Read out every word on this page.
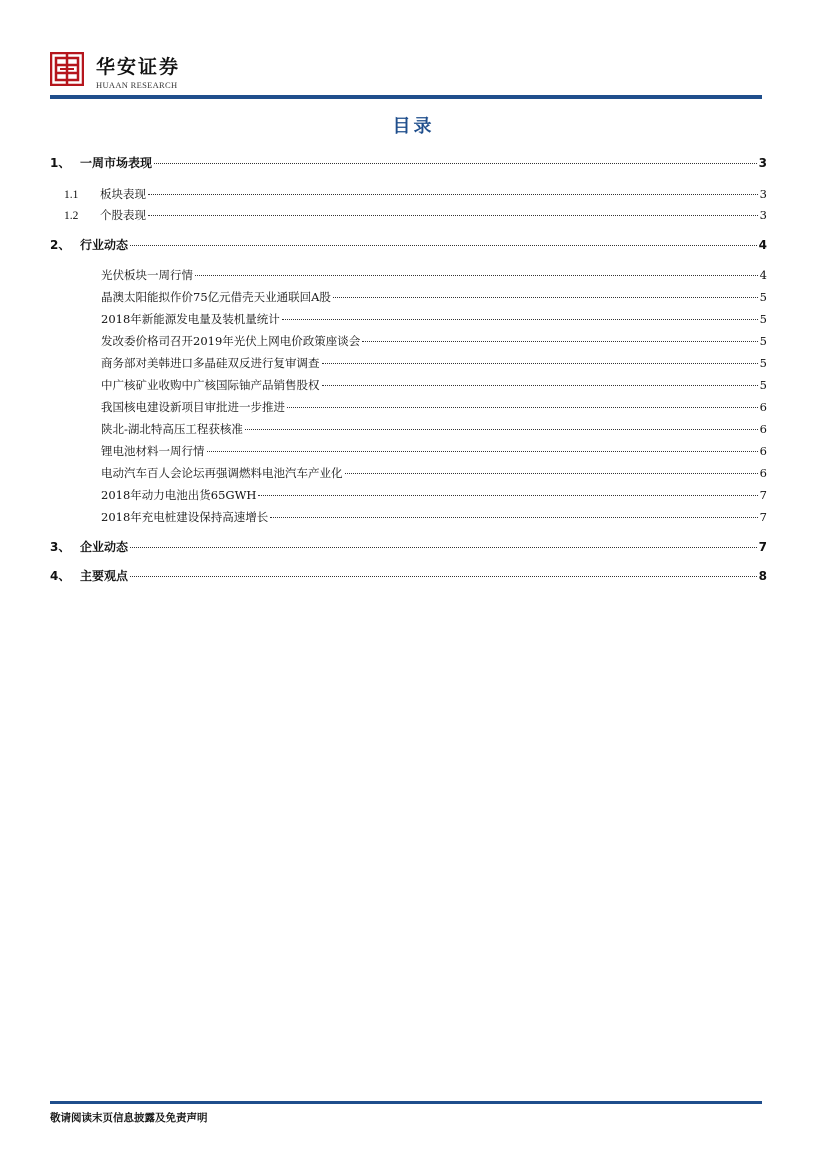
华安证券
HUAAN RESEARCH
目录
1、 一周市场表现	3
1.1	板块表现	3
1.2	个股表现	3
2、 行业动态	4
光伏板块一周行情	4
晶澳太阳能拟作价75亿元借壳天业通联回A股	5
2018年新能源发电量及装机量统计	5
发改委价格司召开2019年光伏上网电价政策座谈会	5
商务部对美韩进口多晶硅双反进行复审调查	5
中广核矿业收购中广核国际铀产品销售股权	5
我国核电建设新项目审批进一步推进	6
陕北-湖北特高压工程获核准	6
锂电池材料一周行情	6
电动汽车百人会论坛再强调燃料电池汽车产业化	6
2018年动力电池出货65GWH	7
2018年充电桩建设保持高速增长	7
3、 企业动态	7
4、 主要观点	8
敬请阅读末页信息披露及免责声明
